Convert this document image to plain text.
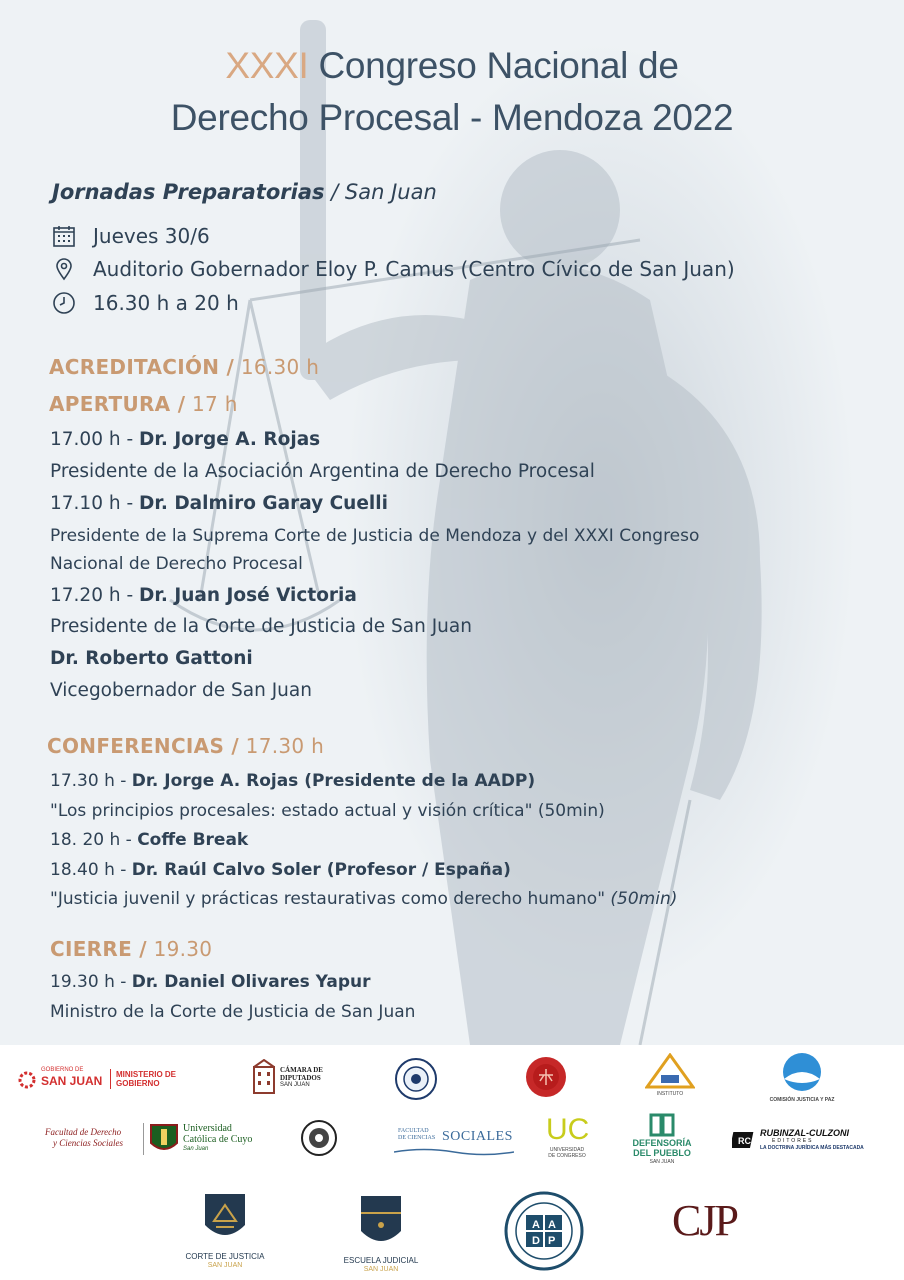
XXXI Congreso Nacional de
Derecho Procesal - Mendoza 2022
Jornadas Preparatorias / San Juan
Jueves 30/6
Auditorio Gobernador Eloy P. Camus (Centro Cívico de San Juan)
16.30 h a 20 h
ACREDITACIÓN / 16.30 h
APERTURA / 17 h
17.00 h - Dr. Jorge A. Rojas
Presidente de la Asociación Argentina de Derecho Procesal
17.10 h - Dr. Dalmiro Garay Cuelli
Presidente de la Suprema Corte de Justicia de Mendoza y del XXXI Congreso
Nacional de Derecho Procesal
17.20 h - Dr. Juan José Victoria
Presidente de la Corte de Justicia de San Juan
Dr. Roberto Gattoni
Vicegobernador de San Juan
CONFERENCIAS / 17.30 h
17.30 h - Dr. Jorge A. Rojas (Presidente de la AADP)
"Los principios procesales: estado actual y visión crítica" (50min)
18. 20 h - Coffe Break
18.40 h - Dr. Raúl Calvo Soler (Profesor / España)
"Justicia juvenil y prácticas restaurativas como derecho humano" (50min)
CIERRE / 19.30
19.30 h - Dr. Daniel Olivares Yapur
Ministro de la Corte de Justicia de San Juan
GOBIERNO DE
SAN JUAN MINISTERIO DE
GOBIERNO
CÁMARA DE
DIPUTADOS
SAN JUAN
INSTITUTO
COMISIÓN JUSTICIA Y PAZ
Facultad de Derecho
y Ciencias Sociales
Universidad
Católica de Cuyo
San Juan
FACULTAD
DE CIENCIAS SOCIALES UC
UNIVERSIDAD
DE CONGRESO
DEFENSORÍA
DEL PUEBLO
SAN JUAN
RC
RUBINZAL-CULZONI
EDITORES
LA DOCTRINA JURÍDICA MÁS DESTACADA
CORTE DE JUSTICIA
SAN JUAN
ESCUELA JUDICIAL
SAN JUAN
A A
D P	CJP
